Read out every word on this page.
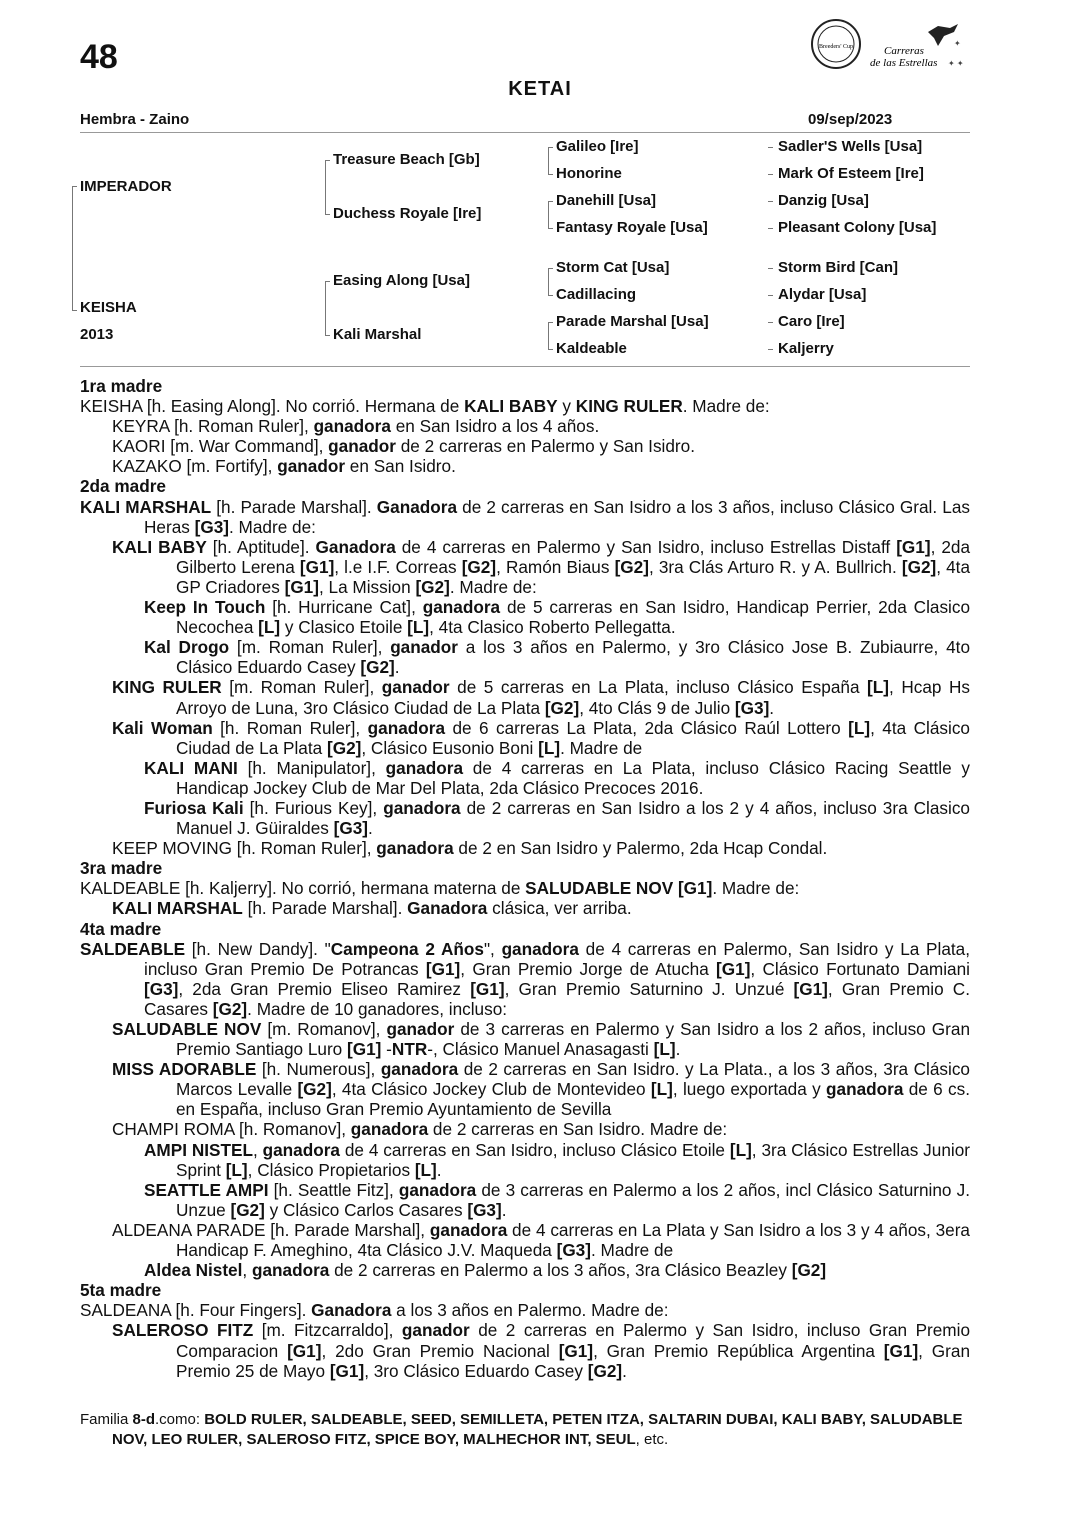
48
KETAI
Breeders' Cup	Carreras
de las Estrellas
✦
✦ ✦
Hembra - Zaino	09/sep/2023
IMPERADOR
KEISHA
2013
Treasure Beach [Gb]
Duchess Royale [Ire]
Easing Along [Usa]
Kali Marshal
Galileo [Ire]
Honorine
Danehill [Usa]
Fantasy Royale [Usa]
Storm Cat [Usa]
Cadillacing
Parade Marshal [Usa]
Kaldeable
Sadler'S Wells [Usa]
Mark Of Esteem [Ire]
Danzig [Usa]
Pleasant Colony [Usa]
Storm Bird [Can]
Alydar [Usa]
Caro [Ire]
Kaljerry

1ra madre

KEISHA [h. Easing Along]. No corrió. Hermana de KALI BABY y KING RULER. Madre de:

KEYRA [h. Roman Ruler], ganadora en San Isidro a los 4 años.

KAORI [m. War Command], ganador de 2 carreras en Palermo y San Isidro.

KAZAKO [m. Fortify], ganador en San Isidro.

2da madre

KALI MARSHAL [h. Parade Marshal]. Ganadora de 2 carreras en San Isidro a los 3 años, incluso Clásico Gral. Las Heras [G3]. Madre de:

KALI BABY [h. Aptitude]. Ganadora de 4 carreras en Palermo y San Isidro, incluso Estrellas Distaff [G1], 2da Gilberto Lerena [G1], l.e I.F. Correas [G2], Ramón Biaus [G2], 3ra Clás Arturo R. y A. Bullrich. [G2], 4ta GP Criadores [G1], La Mission [G2]. Madre de:

Keep In Touch [h. Hurricane Cat], ganadora de 5 carreras en San Isidro, Handicap Perrier, 2da Clasico Necochea [L] y Clasico Etoile [L], 4ta Clasico Roberto Pellegatta.

Kal Drogo [m. Roman Ruler], ganador a los 3 años en Palermo, y 3ro Clásico Jose B. Zubiaurre, 4to Clásico Eduardo Casey [G2].

KING RULER [m. Roman Ruler], ganador de 5 carreras en La Plata, incluso Clásico España [L], Hcap Hs Arroyo de Luna, 3ro Clásico Ciudad de La Plata [G2], 4to Clás 9 de Julio [G3].

Kali Woman [h. Roman Ruler], ganadora de 6 carreras La Plata, 2da Clásico Raúl Lottero [L], 4ta Clásico Ciudad de La Plata [G2], Clásico Eusonio Boni [L]. Madre de

KALI MANI [h. Manipulator], ganadora de 4 carreras en La Plata, incluso Clásico Racing Seattle y Handicap Jockey Club de Mar Del Plata, 2da Clásico Precoces 2016.

Furiosa Kali [h. Furious Key], ganadora de 2 carreras en San Isidro a los 2 y 4 años, incluso 3ra Clasico Manuel J. Güiraldes [G3].

KEEP MOVING [h. Roman Ruler], ganadora de 2 en San Isidro y Palermo, 2da Hcap Condal.

3ra madre

KALDEABLE [h. Kaljerry]. No corrió, hermana materna de SALUDABLE NOV [G1]. Madre de:

KALI MARSHAL [h. Parade Marshal]. Ganadora clásica, ver arriba.

4ta madre

SALDEABLE [h. New Dandy]. "Campeona 2 Años", ganadora de 4 carreras en Palermo, San Isidro y La Plata, incluso Gran Premio De Potrancas [G1], Gran Premio Jorge de Atucha [G1], Clásico Fortunato Damiani [G3], 2da Gran Premio Eliseo Ramirez [G1], Gran Premio Saturnino J. Unzué [G1], Gran Premio C. Casares [G2]. Madre de 10 ganadores, incluso:

SALUDABLE NOV [m. Romanov], ganador de 3 carreras en Palermo y San Isidro a los 2 años, incluso Gran Premio Santiago Luro [G1] -NTR-, Clásico Manuel Anasagasti [L].

MISS ADORABLE [h. Numerous], ganadora de 2 carreras en San Isidro. y La Plata., a los 3 años, 3ra Clásico Marcos Levalle [G2], 4ta Clásico Jockey Club de Montevideo [L], luego exportada y ganadora de 6 cs. en España, incluso Gran Premio Ayuntamiento de Sevilla

CHAMPI ROMA [h. Romanov], ganadora de 2 carreras en San Isidro. Madre de:

AMPI NISTEL, ganadora de 4 carreras en San Isidro, incluso Clásico Etoile [L], 3ra Clásico Estrellas Junior Sprint [L], Clásico Propietarios [L].

SEATTLE AMPI [h. Seattle Fitz], ganadora de 3 carreras en Palermo a los 2 años, incl Clásico Saturnino J. Unzue [G2] y Clásico Carlos Casares [G3].

ALDEANA PARADE [h. Parade Marshal], ganadora de 4 carreras en La Plata y San Isidro a los 3 y 4 años, 3era Handicap F. Ameghino, 4ta Clásico J.V. Maqueda [G3]. Madre de

Aldea Nistel, ganadora de 2 carreras en Palermo a los 3 años, 3ra Clásico Beazley [G2]

5ta madre

SALDEANA [h. Four Fingers]. Ganadora a los 3 años en Palermo. Madre de:

SALEROSO FITZ [m. Fitzcarraldo], ganador de 2 carreras en Palermo y San Isidro, incluso Gran Premio Comparacion [G1], 2do Gran Premio Nacional [G1], Gran Premio República Argentina [G1], Gran Premio 25 de Mayo [G1], 3ro Clásico Eduardo Casey [G2].

Familia 8-d.como: BOLD RULER, SALDEABLE, SEED, SEMILLETA, PETEN ITZA, SALTARIN DUBAI, KALI BABY, SALUDABLE NOV, LEO RULER, SALEROSO FITZ, SPICE BOY, MALHECHOR INT, SEUL, etc.
